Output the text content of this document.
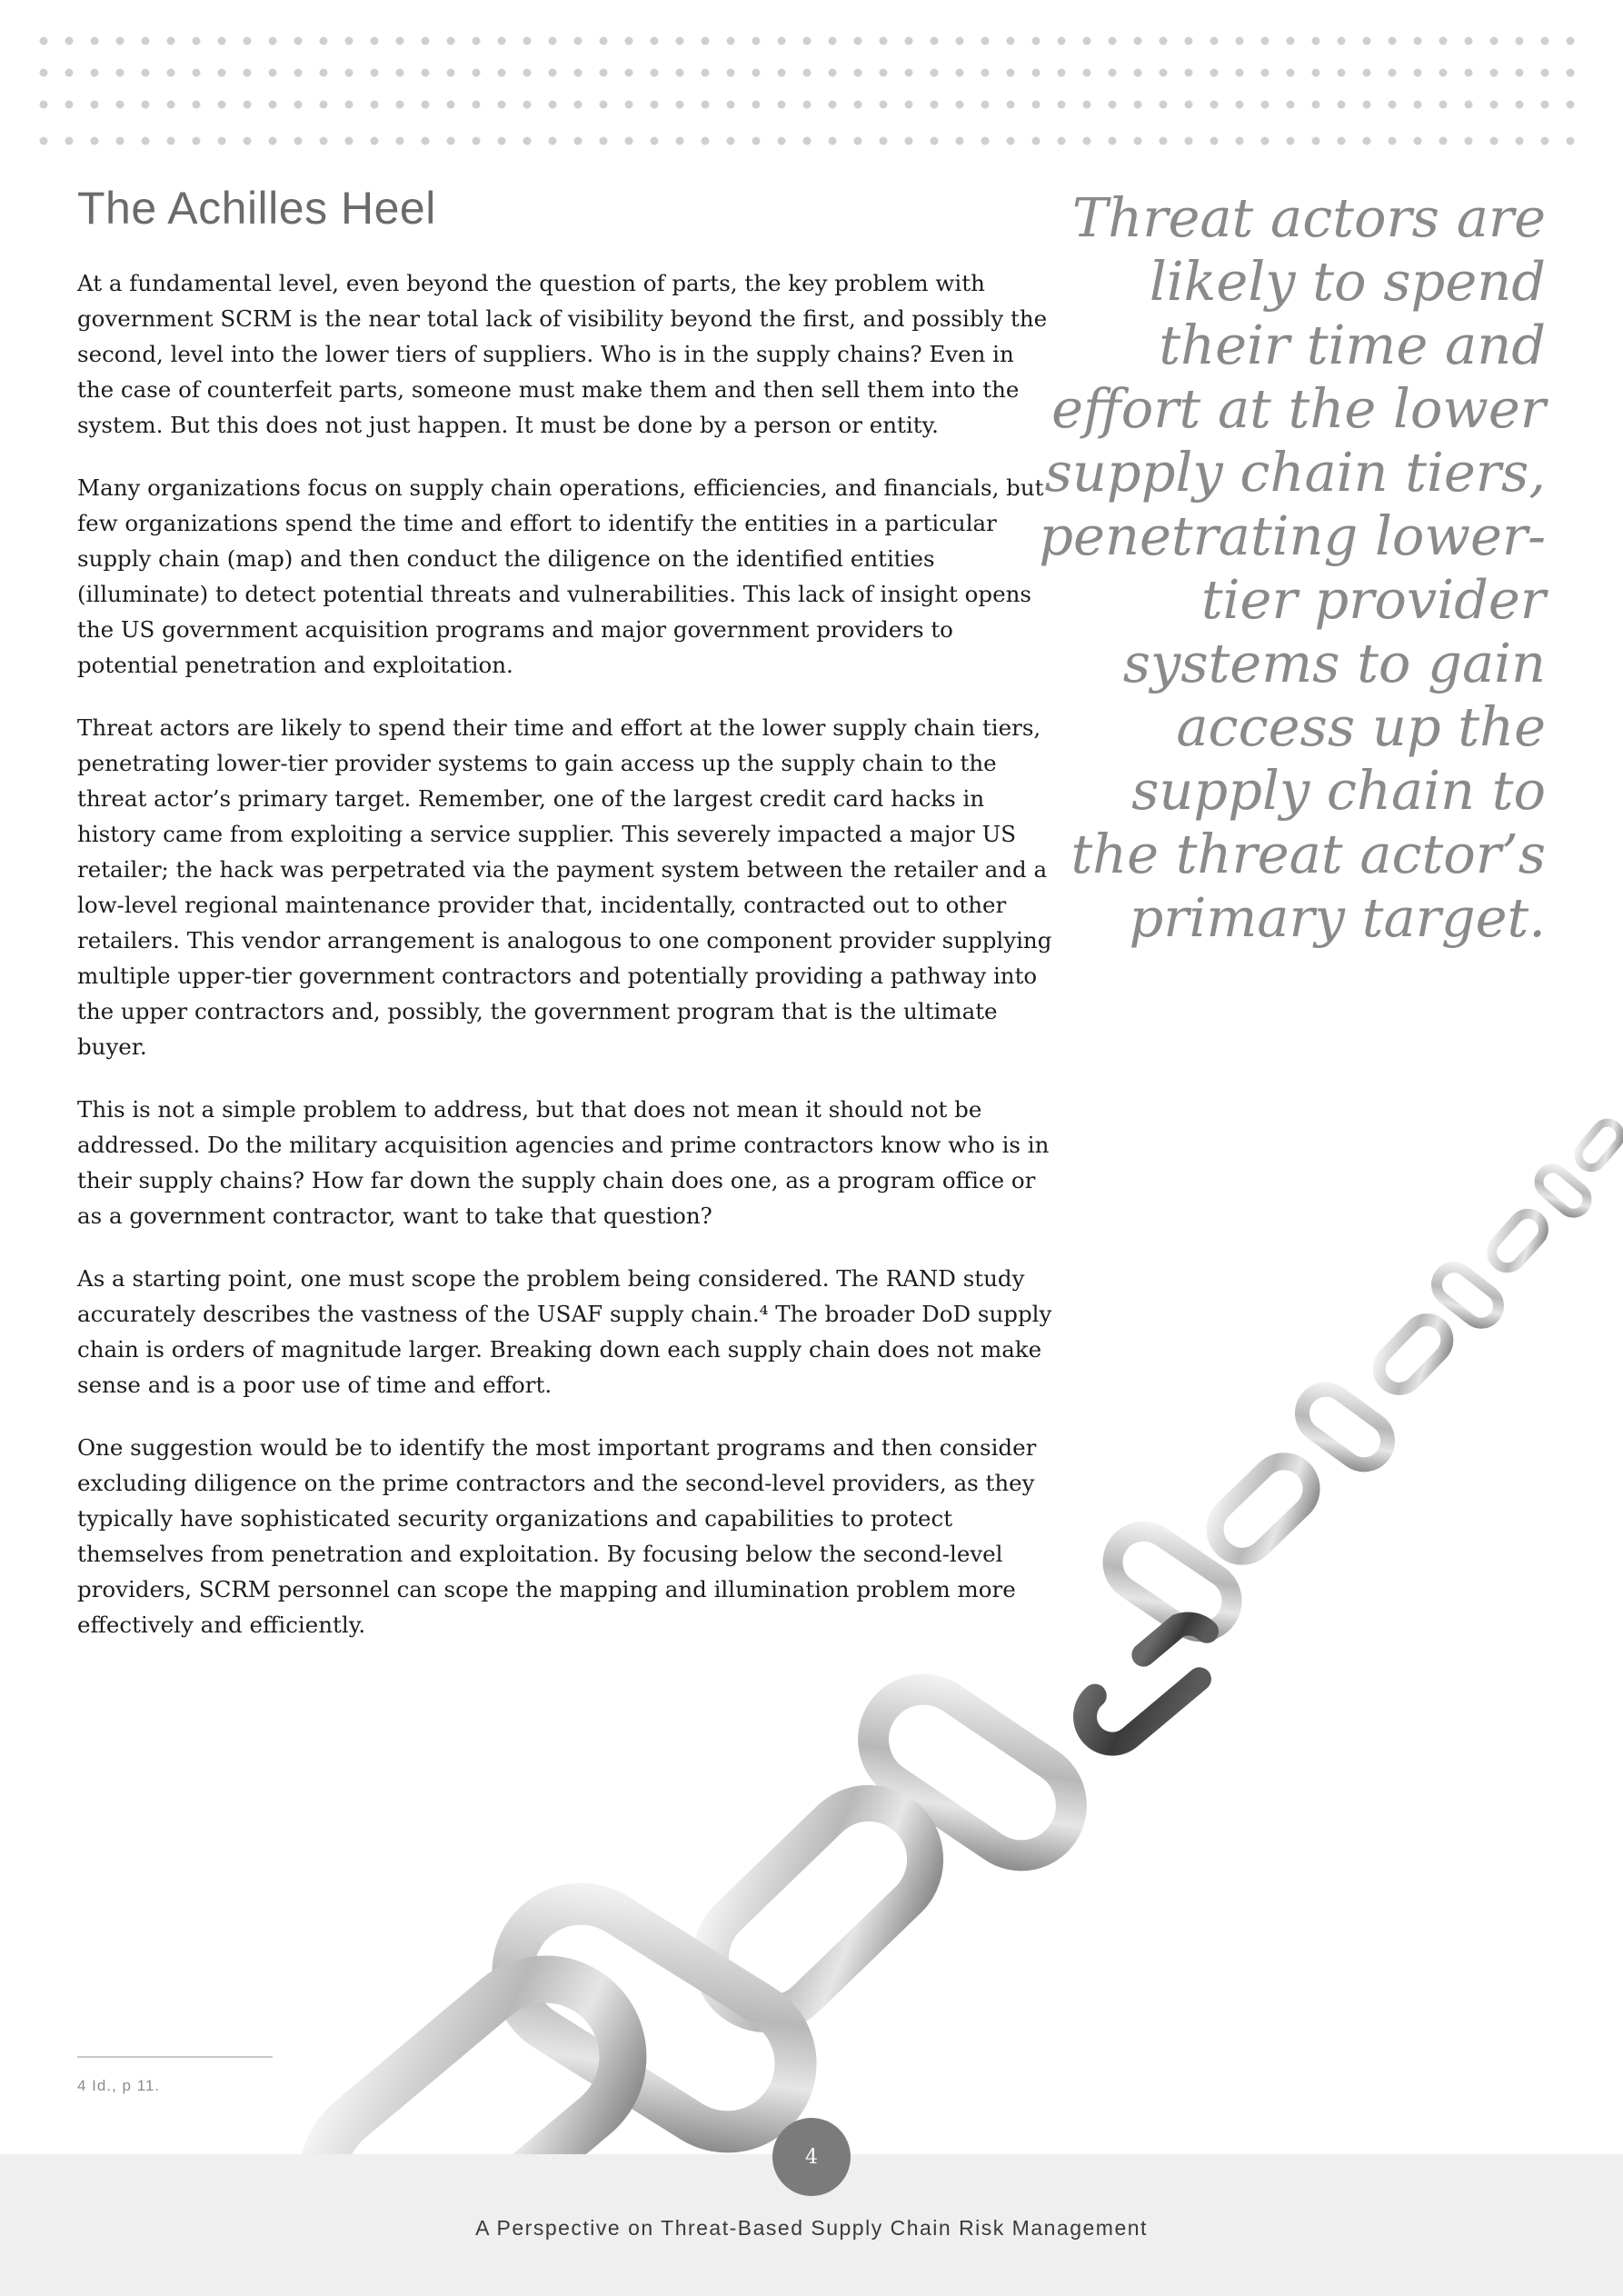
The Achilles Heel

At a fundamental level, even beyond the question of parts, the key problem with government SCRM is the near total lack of visibility beyond the first, and possibly the second, level into the lower tiers of suppliers. Who is in the supply chains? Even in the case of counterfeit parts, someone must make them and then sell them into the system. But this does not just happen. It must be done by a person or entity.

Many organizations focus on supply chain operations, efficiencies, and financials, but few organizations spend the time and effort to identify the entities in a particular supply chain (map) and then conduct the diligence on the identified entities (illuminate) to detect potential threats and vulnerabilities. This lack of insight opens the US government acquisition programs and major government providers to potential penetration and exploitation.

Threat actors are likely to spend their time and effort at the lower supply chain tiers, penetrating lower-tier provider systems to gain access up the supply chain to the threat actor’s primary target. Remember, one of the largest credit card hacks in history came from exploiting a service supplier. This severely impacted a major US retailer; the hack was perpetrated via the payment system between the retailer and a low-level regional maintenance provider that, incidentally, contracted out to other retailers. This vendor arrangement is analogous to one component provider supplying multiple upper-tier government contractors and potentially providing a pathway into the upper contractors and, possibly, the government program that is the ultimate buyer.

This is not a simple problem to address, but that does not mean it should not be addressed. Do the military acquisition agencies and prime contractors know who is in their supply chains? How far down the supply chain does one, as a program office or as a government contractor, want to take that question?

As a starting point, one must scope the problem being considered. The RAND study accurately describes the vastness of the USAF supply chain.⁴ The broader DoD supply chain is orders of magnitude larger. Breaking down each supply chain does not make sense and is a poor use of time and effort.

One suggestion would be to identify the most important programs and then consider excluding diligence on the prime contractors and the second-level providers, as they typically have sophisticated security organizations and capabilities to protect themselves from penetration and exploitation. By focusing below the second-level providers, SCRM personnel can scope the mapping and illumination problem more effectively and efficiently.

Threat actors are likely to spend their time and effort at the lower supply chain tiers, penetrating lower-tier provider systems to gain access up the supply chain to the threat actor’s primary target.
4 Id., p 11.
4
A Perspective on Threat-Based Supply Chain Risk Management
